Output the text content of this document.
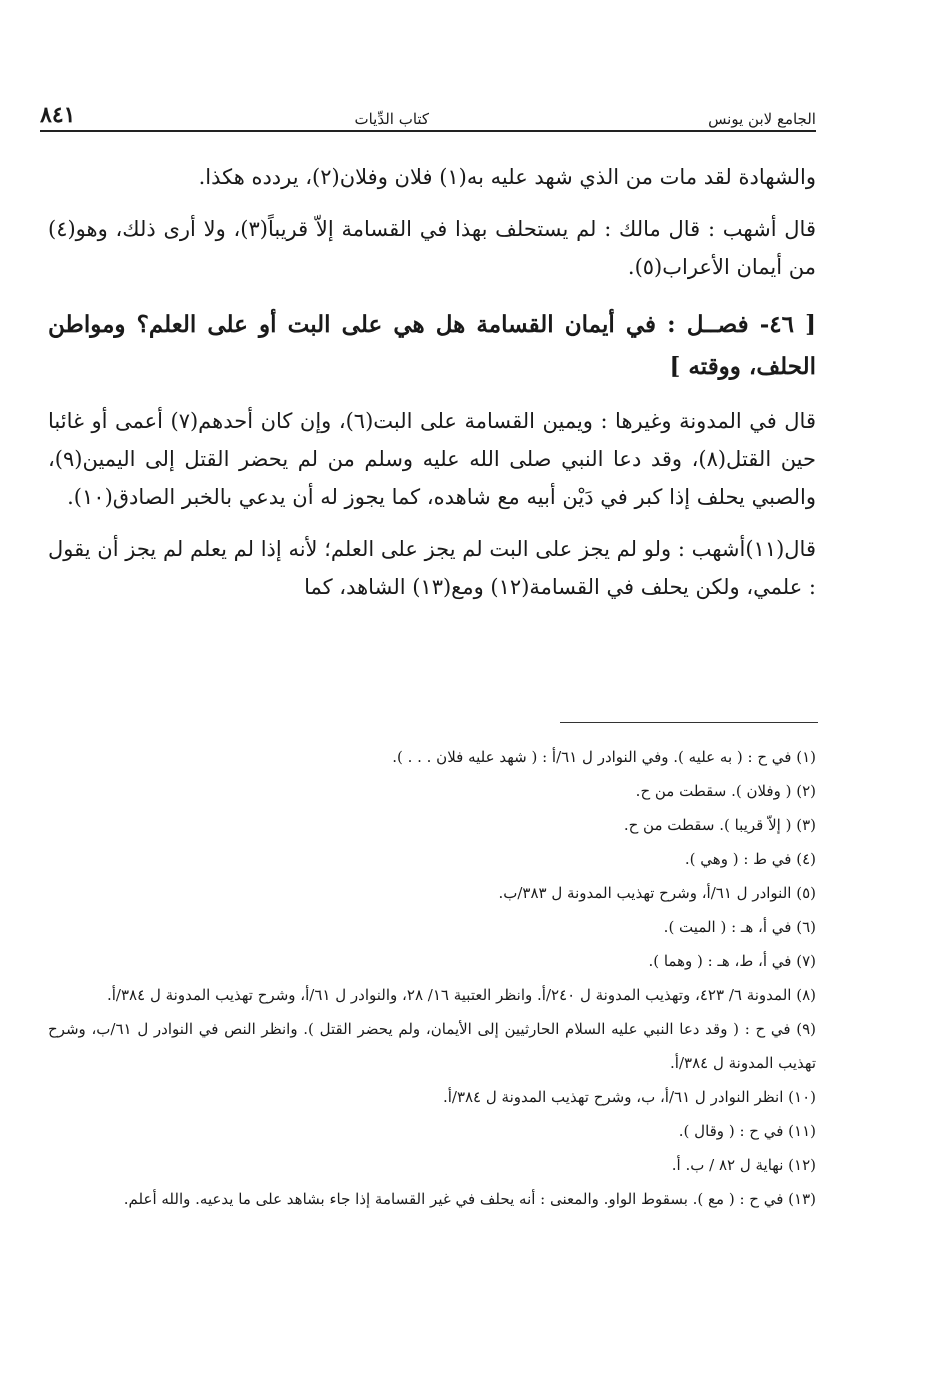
٨٤١	كتاب الدِّيات	الجامع لابن يونس

والشهادة لقد مات من الذي شهد عليه به(١) فلان وفلان(٢)، يردده هكذا.

قال أشهب : قال مالك : لم يستحلف بهذا في القسامة إلاّ قريباً(٣)، ولا أرى ذلك، وهو(٤) من أيمان الأعراب(٥).

[ ٤٦- فصــل : في أيمان القسامة هل هي على البت أو على العلم؟ ومواطن الحلف، ووقته ]

قال في المدونة وغيرها : ويمين القسامة على البت(٦)، وإن كان أحدهم(٧) أعمى أو غائبا حين القتل(٨)، وقد دعا النبي صلى الله عليه وسلم من لم يحضر القتل إلى اليمين(٩)، والصبي يحلف إذا كبر في دَيْن أبيه مع شاهده، كما يجوز له أن يدعي بالخبر الصادق(١٠).

قال(١١)أشهب : ولو لم يجز على البت لم يجز على العلم؛ لأنه إذا لم يعلم لم يجز أن يقول : علمي، ولكن يحلف في القسامة(١٢) ومع(١٣) الشاهد، كما

(١) في ح : ( به عليه ). وفي النوادر ل ٦١/أ : ( شهد عليه فلان . . . ).

(٢) ( وفلان ). سقطت من ح.

(٣) ( إلاّ قريبا ). سقطت من ح.

(٤) في ط : ( وهي ).

(٥) النوادر ل ٦١/أ، وشرح تهذيب المدونة ل ٣٨٣/ب.

(٦) في أ، هـ : ( الميت ).

(٧) في أ، ط، هـ : ( وهما ).

(٨) المدونة ٦/ ٤٢٣، وتهذيب المدونة ل ٢٤٠/أ. وانظر العتبية ١٦/ ٢٨، والنوادر ل ٦١/أ، وشرح تهذيب المدونة ل ٣٨٤/أ.

(٩) في ح : ( وقد دعا النبي عليه السلام الحارثيين إلى الأيمان، ولم يحضر القتل ). وانظر النص في النوادر ل ٦١/ب، وشرح تهذيب المدونة ل ٣٨٤/أ.

(١٠) انظر النوادر ل ٦١/أ، ب، وشرح تهذيب المدونة ل ٣٨٤/أ.

(١١) في ح : ( وقال ).

(١٢) نهاية ل ٨٢ / ب. أ.

(١٣) في ح : ( مع ). بسقوط الواو. والمعنى : أنه يحلف في غير القسامة إذا جاء بشاهد على ما يدعيه. والله أعلم.
